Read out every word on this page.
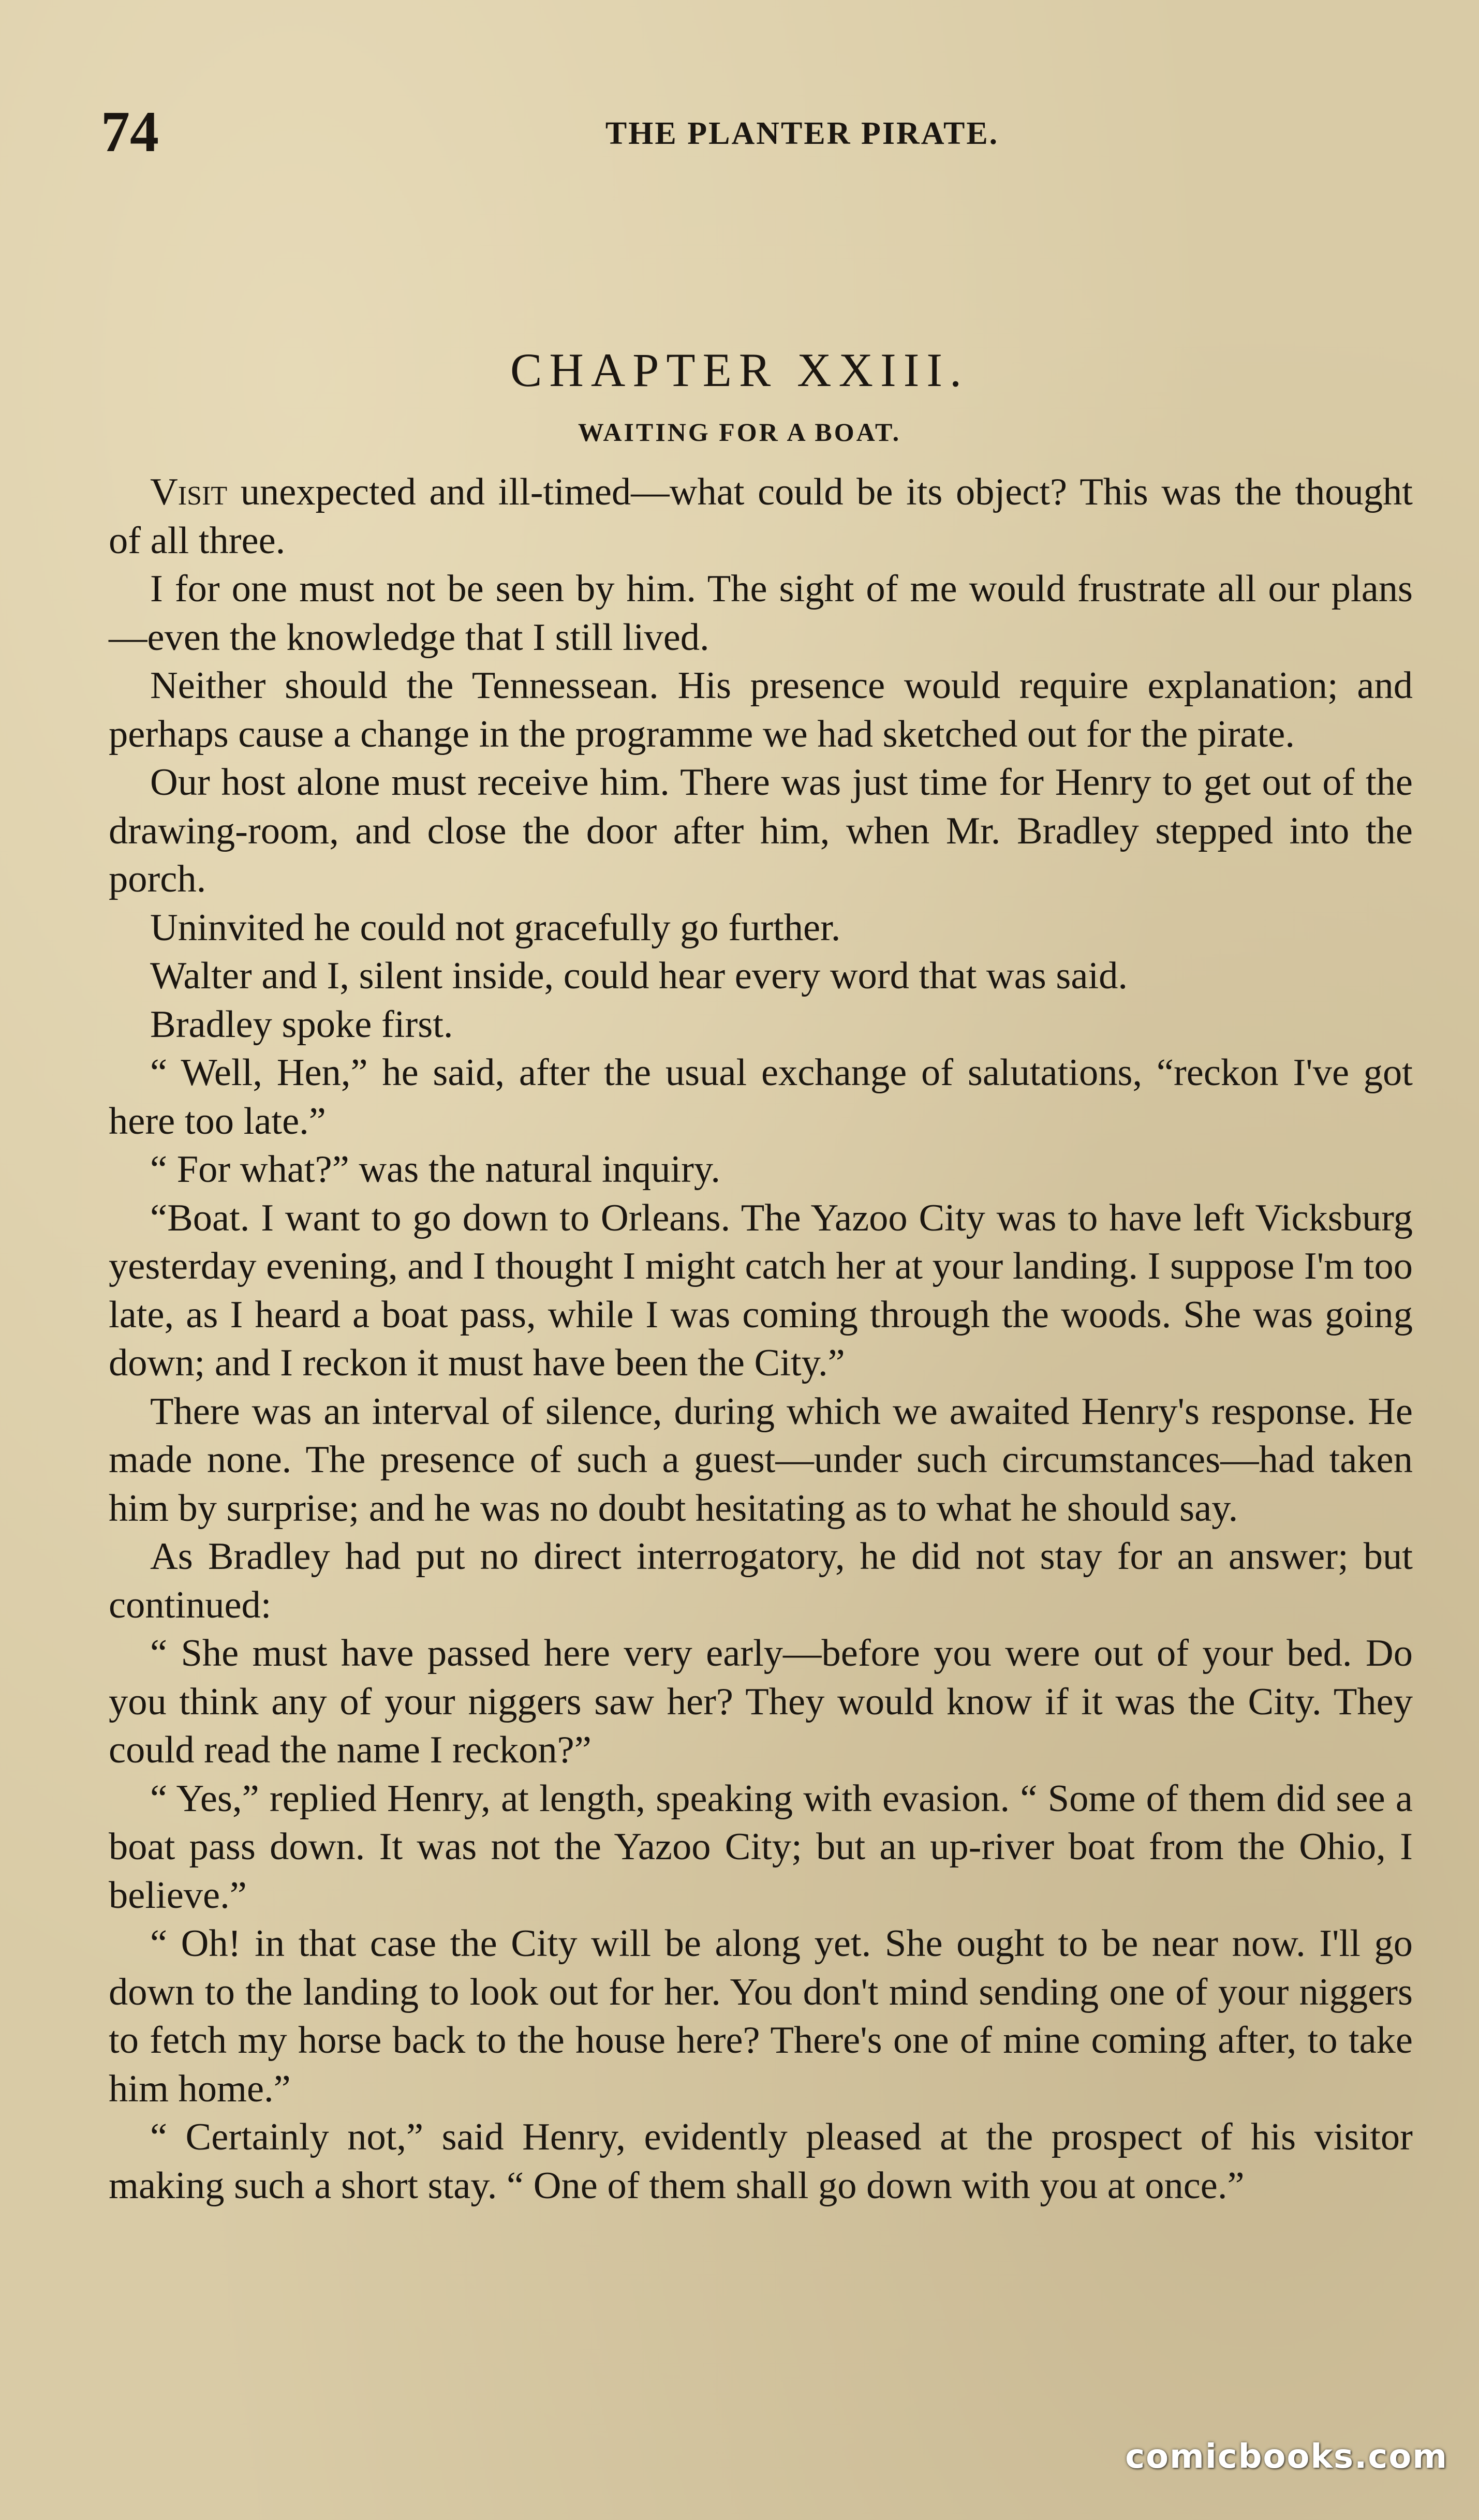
74	THE PLANTER PIRATE.
CHAPTER XXIII.
WAITING FOR A BOAT.

Visit unexpected and ill-timed—what could be its object? This was the thought of all three.

I for one must not be seen by him. The sight of me would frustrate all our plans—even the knowledge that I still lived.

Neither should the Tennessean. His presence would require explanation; and perhaps cause a change in the programme we had sketched out for the pirate.

Our host alone must receive him. There was just time for Henry to get out of the drawing-room, and close the door after him, when Mr. Bradley stepped into the porch.

Uninvited he could not gracefully go further.

Walter and I, silent inside, could hear every word that was said.

Bradley spoke first.

“ Well, Hen,” he said, after the usual exchange of salutations, “reckon I've got here too late.”

“ For what?” was the natural inquiry.

“Boat. I want to go down to Orleans. The Yazoo City was to have left Vicksburg yesterday evening, and I thought I might catch her at your landing. I suppose I'm too late, as I heard a boat pass, while I was coming through the woods. She was going down; and I reckon it must have been the City.”

There was an interval of silence, during which we awaited Henry's response. He made none. The presence of such a guest—under such circumstances—had taken him by surprise; and he was no doubt hesitating as to what he should say.

As Bradley had put no direct interrogatory, he did not stay for an answer; but continued:

“ She must have passed here very early—before you were out of your bed. Do you think any of your niggers saw her? They would know if it was the City. They could read the name I reckon?”

“ Yes,” replied Henry, at length, speaking with evasion. “ Some of them did see a boat pass down. It was not the Yazoo City; but an up-river boat from the Ohio, I believe.”

“ Oh! in that case the City will be along yet. She ought to be near now. I'll go down to the landing to look out for her. You don't mind sending one of your niggers to fetch my horse back to the house here? There's one of mine coming after, to take him home.”

“ Certainly not,” said Henry, evidently pleased at the prospect of his visitor making such a short stay. “ One of them shall go down with you at once.”

comicbooks.com
